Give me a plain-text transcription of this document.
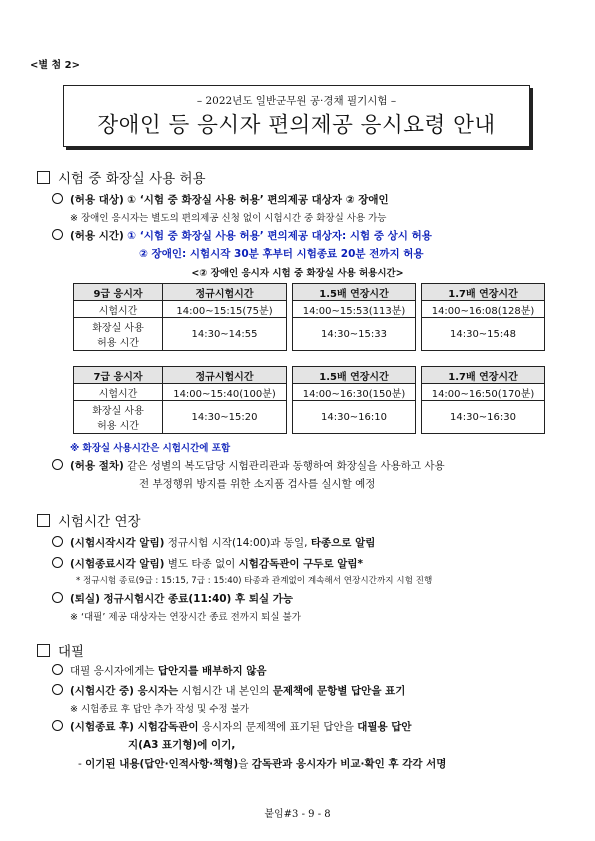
<별 첨 2>
– 2022년도 일반군무원 공·경채 필기시험 –
장애인 등 응시자 편의제공 응시요령 안내
시험 중 화장실 사용 허용
(허용 대상) ① ‘시험 중 화장실 사용 허용’ 편의제공 대상자 ② 장애인
※ 장애인 응시자는 별도의 편의제공 신청 없이 시험시간 중 화장실 사용 가능
(허용 시간) ① ‘시험 중 화장실 사용 허용’ 편의제공 대상자: 시험 중 상시 허용
② 장애인: 시험시작 30분 후부터 시험종료 20분 전까지 허용
<② 장애인 응시자 시험 중 화장실 사용 허용시간>
9급 응시자	정규시험시간		1.5배 연장시간		1.7배 연장시간
시험시간	14:00~15:15(75분)		14:00~15:53(113분)		14:00~16:08(128분)
화장실 사용
허용 시간	14:30~14:55		14:30~15:33		14:30~15:48
7급 응시자	정규시험시간		1.5배 연장시간		1.7배 연장시간
시험시간	14:00~15:40(100분)		14:00~16:30(150분)		14:00~16:50(170분)
화장실 사용
허용 시간	14:30~15:20		14:30~16:10		14:30~16:30
※ 화장실 사용시간은 시험시간에 포함
(허용 절차) 같은 성별의 복도담당 시험관리관과 동행하여 화장실을 사용하고 사용
전 부정행위 방지를 위한 소지품 검사를 실시할 예정
시험시간 연장
(시험시작시각 알림) 정규시험 시작(14:00)과 동일, 타종으로 알림
(시험종료시각 알림) 별도 타종 없이 시험감독관이 구두로 알림*
* 정규시험 종료(9급 : 15:15, 7급 : 15:40) 타종과 관계없이 계속해서 연장시간까지 시험 진행
(퇴실) 정규시험시간 종료(11:40) 후 퇴실 가능
※ ‘대필’ 제공 대상자는 연장시간 종료 전까지 퇴실 불가
대필
대필 응시자에게는 답안지를 배부하지 않음
(시험시간 중) 응시자는 시험시간 내 본인의 문제책에 문항별 답안을 표기
※ 시험종료 후 답안 추가 작성 및 수정 불가
(시험종료 후) 시험감독관이 응시자의 문제책에 표기된 답안을 대필용 답안
지(A3 표기형)에 이기,
- 이기된 내용(답안·인적사항·책형)을 감독관과 응시자가 비교·확인 후 각각 서명
붙임#3 - 9 - 8
